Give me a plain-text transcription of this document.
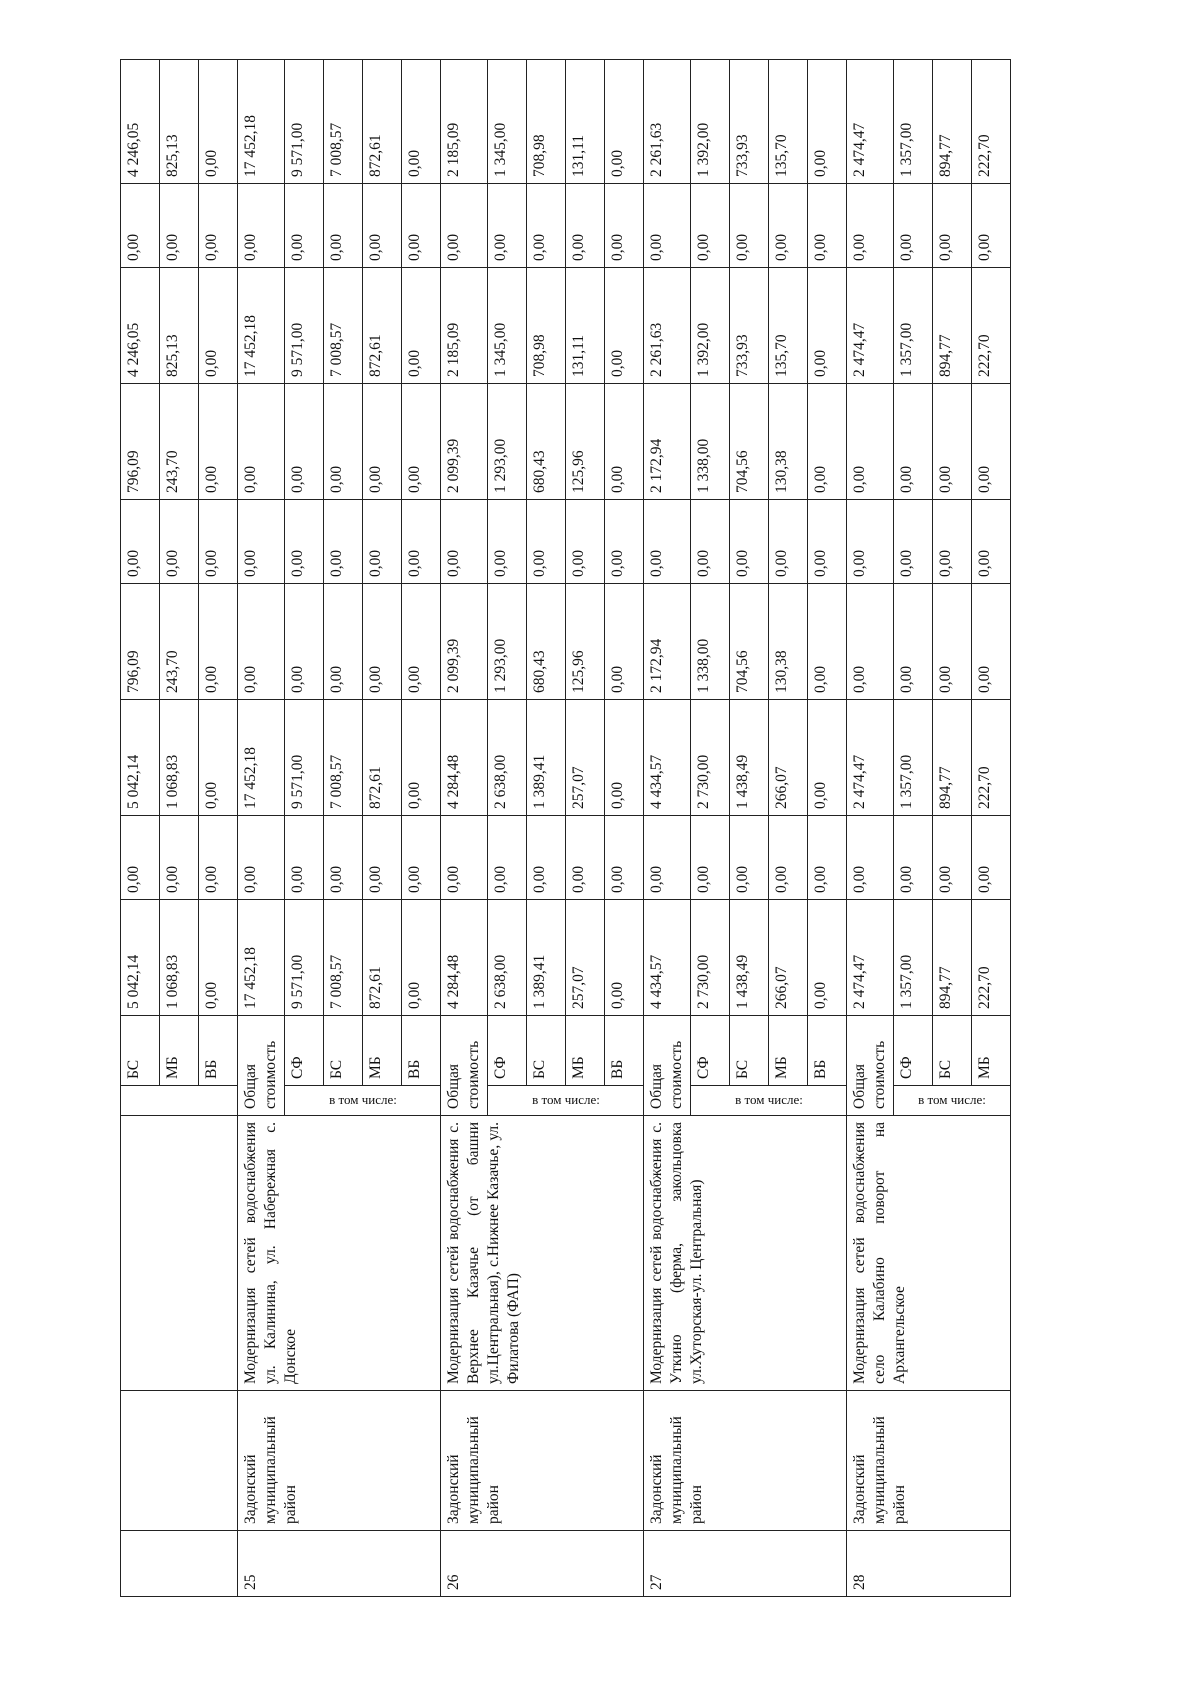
				БС	5 042,14	0,00	5 042,14	796,09	0,00	796,09	4 246,05	0,00	4 246,05
				МБ	1 068,83	0,00	1 068,83	243,70	0,00	243,70	825,13	0,00	825,13
				ВБ	0,00	0,00	0,00	0,00	0,00	0,00	0,00	0,00	0,00
25	Задонский муниципальный район	Модернизация сетей водоснабжения ул. Калинина, ул. Набережная с. Донское	Общая стоимость		17 452,18	0,00	17 452,18	0,00	0,00	0,00	17 452,18	0,00	17 452,18

			в том числе:	СФ	9 571,00	0,00	9 571,00	0,00	0,00	0,00	9 571,00	0,00	9 571,00
				БС	7 008,57	0,00	7 008,57	0,00	0,00	0,00	7 008,57	0,00	7 008,57
				МБ	872,61	0,00	872,61	0,00	0,00	0,00	872,61	0,00	872,61
				ВБ	0,00	0,00	0,00	0,00	0,00	0,00	0,00	0,00	0,00
26	Задонский муниципальный район	Модернизация сетей водоснабжения с. Верхнее Казачье (от башни ул.Центральная), с.Нижнее Казачье, ул. Филатова (ФАП)	Общая стоимость		4 284,48	0,00	4 284,48	2 099,39	0,00	2 099,39	2 185,09	0,00	2 185,09

			в том числе:	СФ	2 638,00	0,00	2 638,00	1 293,00	0,00	1 293,00	1 345,00	0,00	1 345,00
				БС	1 389,41	0,00	1 389,41	680,43	0,00	680,43	708,98	0,00	708,98
				МБ	257,07	0,00	257,07	125,96	0,00	125,96	131,11	0,00	131,11
				ВБ	0,00	0,00	0,00	0,00	0,00	0,00	0,00	0,00	0,00
27	Задонский муниципальный район	Модернизация сетей водоснабжения с. Уткино (ферма, закольцовка ул.Хуторская-ул. Центральная)	Общая стоимость		4 434,57	0,00	4 434,57	2 172,94	0,00	2 172,94	2 261,63	0,00	2 261,63

			в том числе:	СФ	2 730,00	0,00	2 730,00	1 338,00	0,00	1 338,00	1 392,00	0,00	1 392,00
				БС	1 438,49	0,00	1 438,49	704,56	0,00	704,56	733,93	0,00	733,93
				МБ	266,07	0,00	266,07	130,38	0,00	130,38	135,70	0,00	135,70
				ВБ	0,00	0,00	0,00	0,00	0,00	0,00	0,00	0,00	0,00
28	Задонский муниципальный район	Модернизация сетей водоснабжения село Калабино поворот на Архангельское	Общая стоимость		2 474,47	0,00	2 474,47	0,00	0,00	0,00	2 474,47	0,00	2 474,47

			в том числе:	СФ	1 357,00	0,00	1 357,00	0,00	0,00	0,00	1 357,00	0,00	1 357,00
				БС	894,77	0,00	894,77	0,00	0,00	0,00	894,77	0,00	894,77
				МБ	222,70	0,00	222,70	0,00	0,00	0,00	222,70	0,00	222,70
